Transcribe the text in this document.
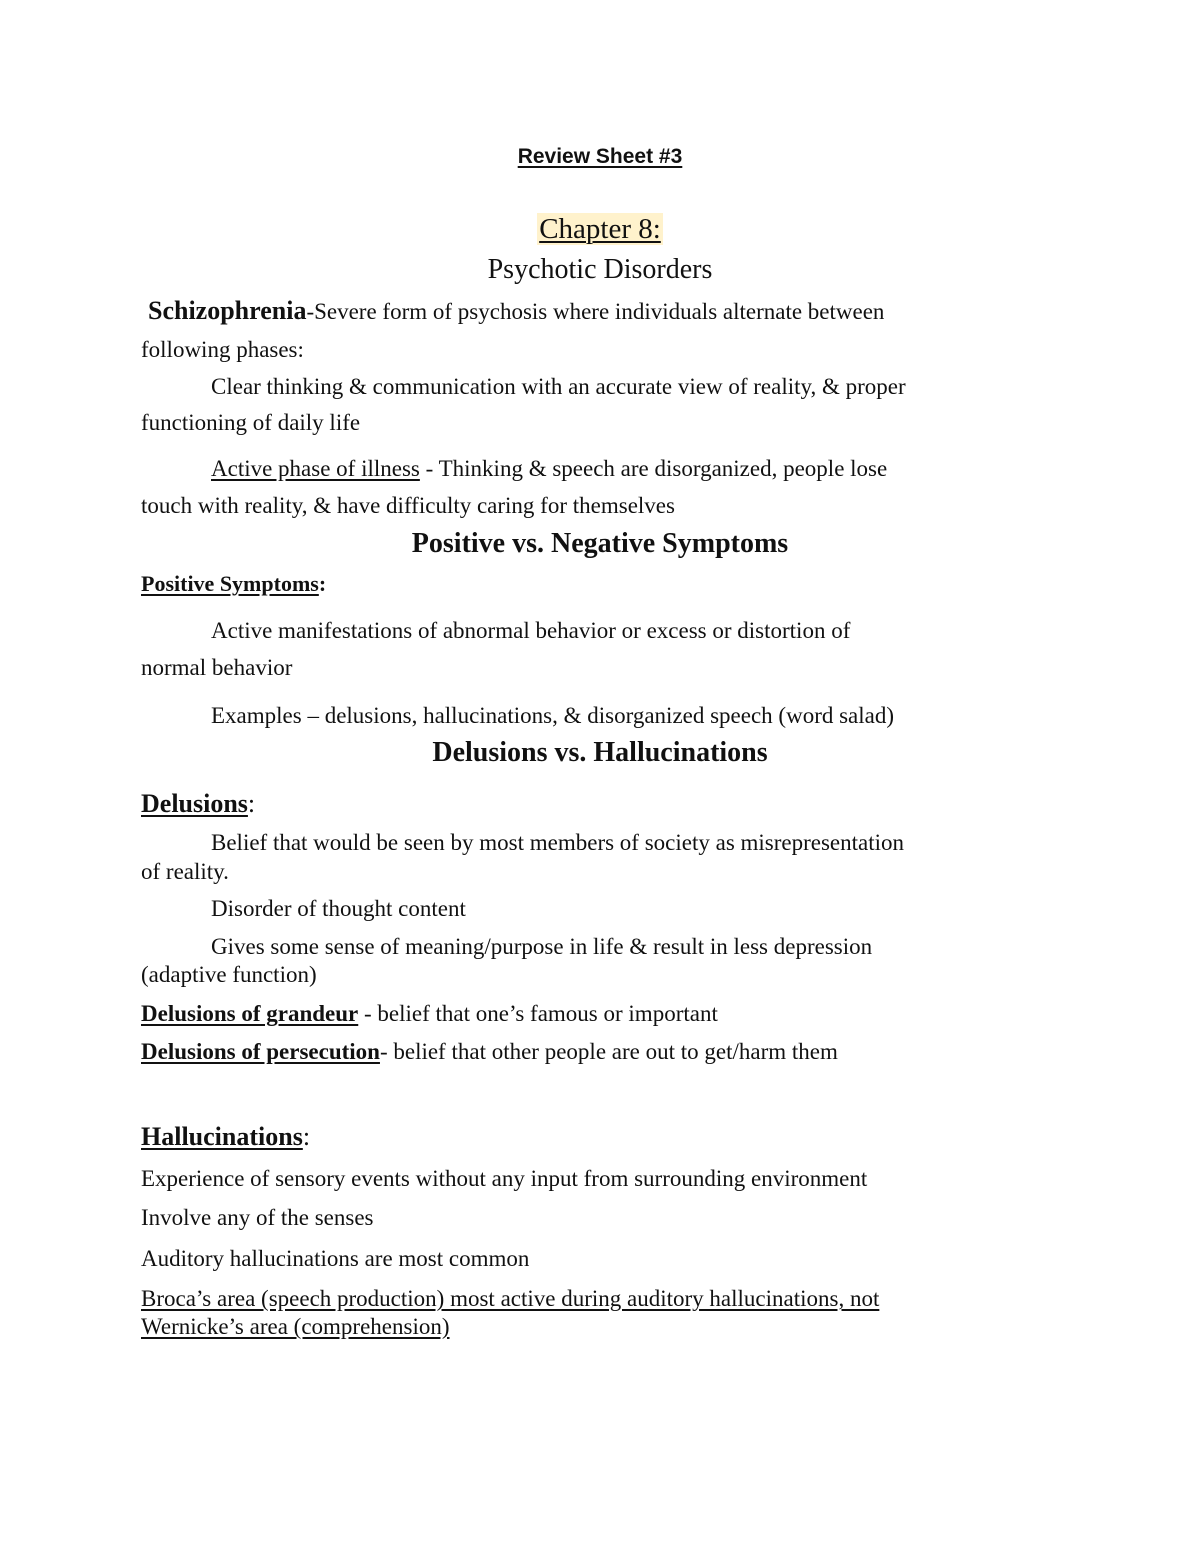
Review Sheet #3
Chapter 8:
Psychotic Disorders
Schizophrenia-Severe form of psychosis where individuals alternate between
following phases:
Clear thinking & communication with an accurate view of reality, & proper
functioning of daily life
Active phase of illness - Thinking & speech are disorganized, people lose
touch with reality, & have difficulty caring for themselves
Positive vs. Negative Symptoms
Positive Symptoms:
Active manifestations of abnormal behavior or excess or distortion of
normal behavior
Examples – delusions, hallucinations, & disorganized speech (word salad)
Delusions vs. Hallucinations
Delusions:
Belief that would be seen by most members of society as misrepresentation
of reality.
Disorder of thought content
Gives some sense of meaning/purpose in life & result in less depression
(adaptive function)
Delusions of grandeur - belief that one’s famous or important
Delusions of persecution- belief that other people are out to get/harm them
Hallucinations:
Experience of sensory events without any input from surrounding environment
Involve any of the senses
Auditory hallucinations are most common
Broca’s area (speech production) most active during auditory hallucinations, not
Wernicke’s area (comprehension)
